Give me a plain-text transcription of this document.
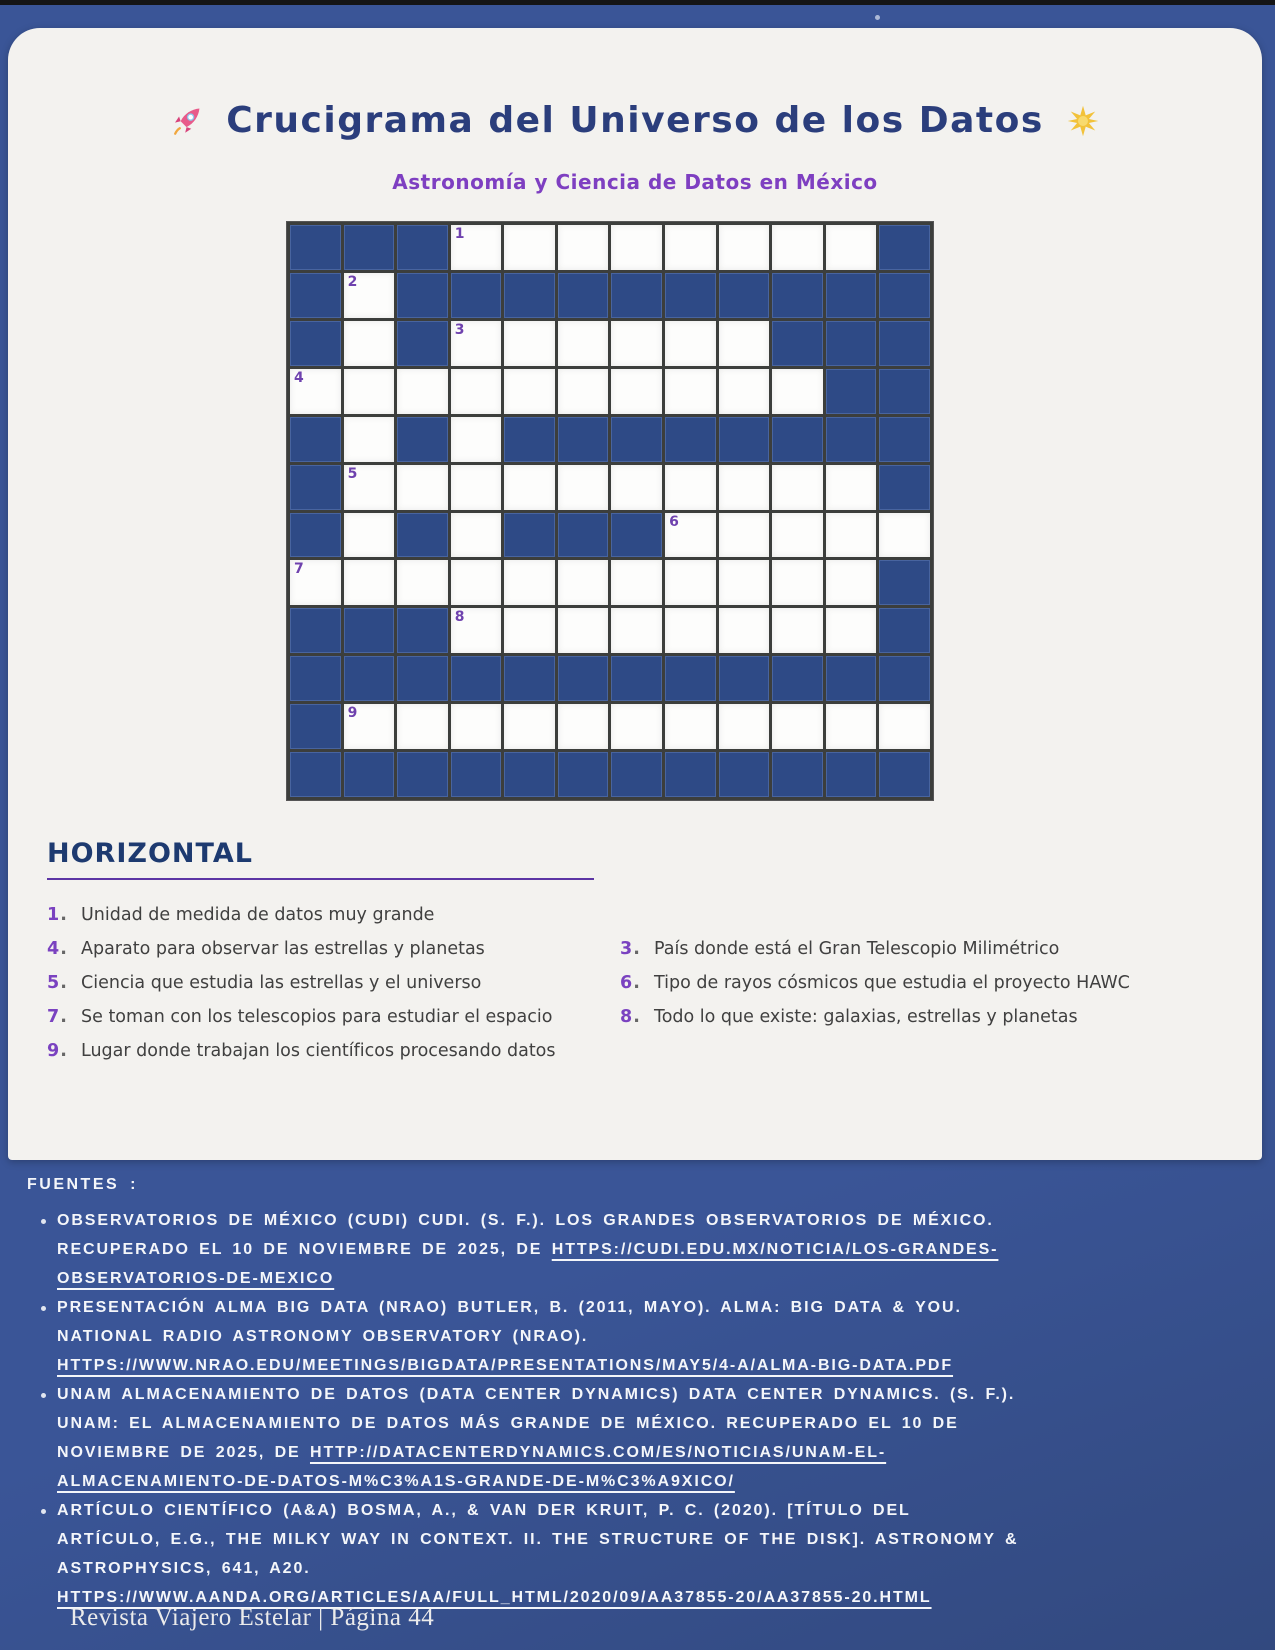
Crucigrama del Universo de los Datos
Astronomía y Ciencia de Datos en México
1
2
3
4
5
6
7
8
9
HORIZONTAL
1 .	Unidad de medida de datos muy grande
4 .	Aparato para observar las estrellas y planetas
5 .	Ciencia que estudia las estrellas y el universo
7 .	Se toman con los telescopios para estudiar el espacio
9 .	Lugar donde trabajan los científicos procesando datos
3 .	País donde está el Gran Telescopio Milimétrico
6 .	Tipo de rayos cósmicos que estudia el proyecto HAWC
8 .	Todo lo que existe: galaxias, estrellas y planetas
FUENTES :
OBSERVATORIOS DE MÉXICO (CUDI) CUDI. (S. F.). LOS GRANDES OBSERVATORIOS DE MÉXICO.
RECUPERADO EL 10 DE NOVIEMBRE DE 2025, DE HTTPS://CUDI.EDU.MX/NOTICIA/LOS-GRANDES-
OBSERVATORIOS-DE-MEXICO
PRESENTACIÓN ALMA BIG DATA (NRAO) BUTLER, B. (2011, MAYO). ALMA: BIG DATA & YOU.
NATIONAL RADIO ASTRONOMY OBSERVATORY (NRAO).
HTTPS://WWW.NRAO.EDU/MEETINGS/BIGDATA/PRESENTATIONS/MAY5/4-A/ALMA-BIG-DATA.PDF
UNAM ALMACENAMIENTO DE DATOS (DATA CENTER DYNAMICS) DATA CENTER DYNAMICS. (S. F.).
UNAM: EL ALMACENAMIENTO DE DATOS MÁS GRANDE DE MÉXICO. RECUPERADO EL 10 DE
NOVIEMBRE DE 2025, DE HTTP://DATACENTERDYNAMICS.COM/ES/NOTICIAS/UNAM-EL-
ALMACENAMIENTO-DE-DATOS-M%C3%A1S-GRANDE-DE-M%C3%A9XICO/
ARTÍCULO CIENTÍFICO (A&A) BOSMA, A., & VAN DER KRUIT, P. C. (2020). [TÍTULO DEL
ARTÍCULO, E.G., THE MILKY WAY IN CONTEXT. II. THE STRUCTURE OF THE DISK]. ASTRONOMY &
ASTROPHYSICS, 641, A20.
HTTPS://WWW.AANDA.ORG/ARTICLES/AA/FULL_HTML/2020/09/AA37855-20/AA37855-20.HTML
Revista Viajero Estelar | Página 44
